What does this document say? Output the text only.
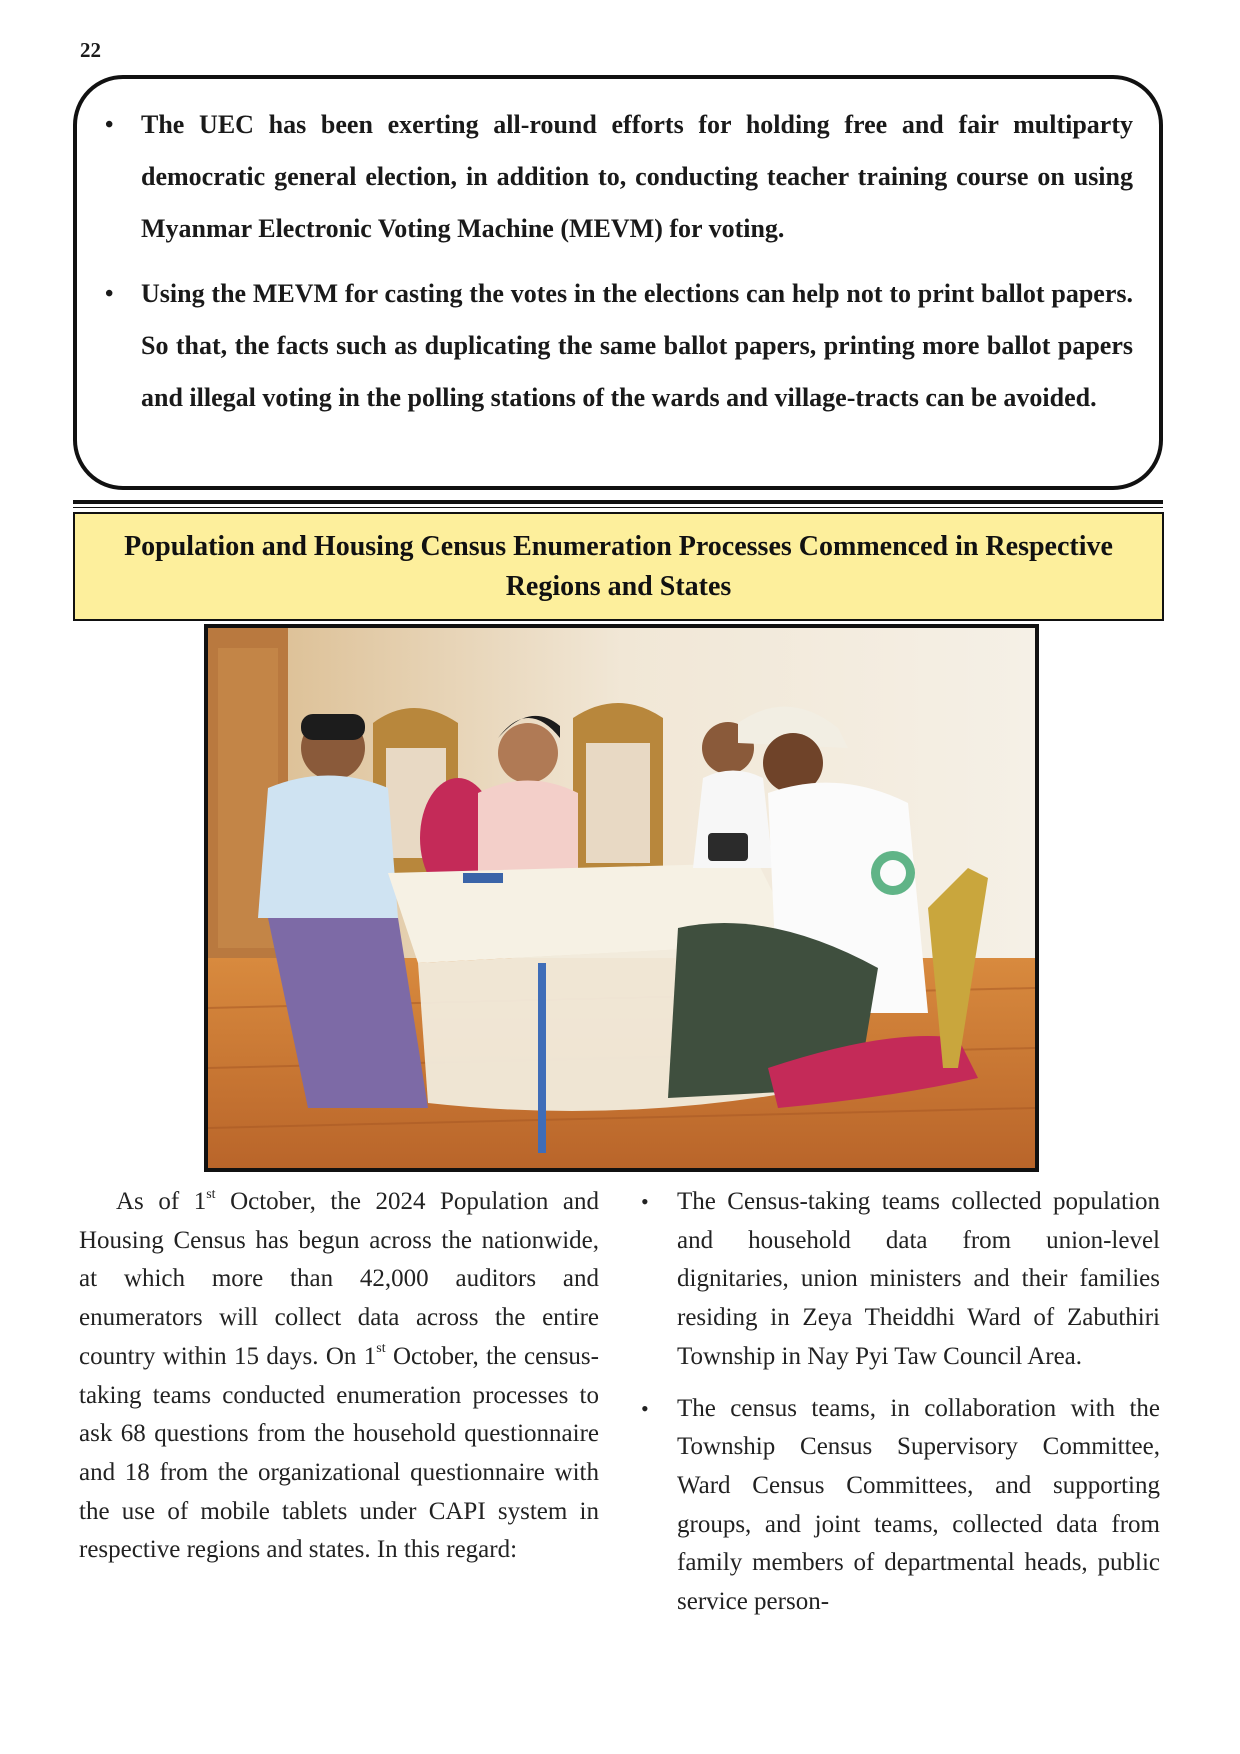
22
• The UEC has been exerting all-round efforts for holding free and fair multiparty democratic general election, in addition to, conducting teacher training course on using Myanmar Electronic Voting Machine (MEVM) for voting.
• Using the MEVM for casting the votes in the elections can help not to print ballot papers. So that, the facts such as duplicating the same ballot papers, printing more ballot papers and illegal voting in the polling stations of the wards and village-tracts can be avoided.
Population and Housing Census Enumeration Processes Commenced in Respective Regions and States

As of 1st October, the 2024 Population and Housing Census has begun across the nationwide, at which more than 42,000 auditors and enumerators will collect data across the entire country within 15 days. On 1st October, the census-taking teams conducted enumeration processes to ask 68 questions from the household questionnaire and 18 from the organizational questionnaire with the use of mobile tablets under CAPI system in respective regions and states. In this regard:

• The Census-taking teams collected population and household data from union-level dignitaries, union ministers and their families residing in Zeya Theiddhi Ward of Zabuthiri Township in Nay Pyi Taw Council Area.
• The census teams, in collaboration with the Township Census Supervisory Committee, Ward Census Committees, and supporting groups, and joint teams, collected data from family members of departmental heads, public service person-
